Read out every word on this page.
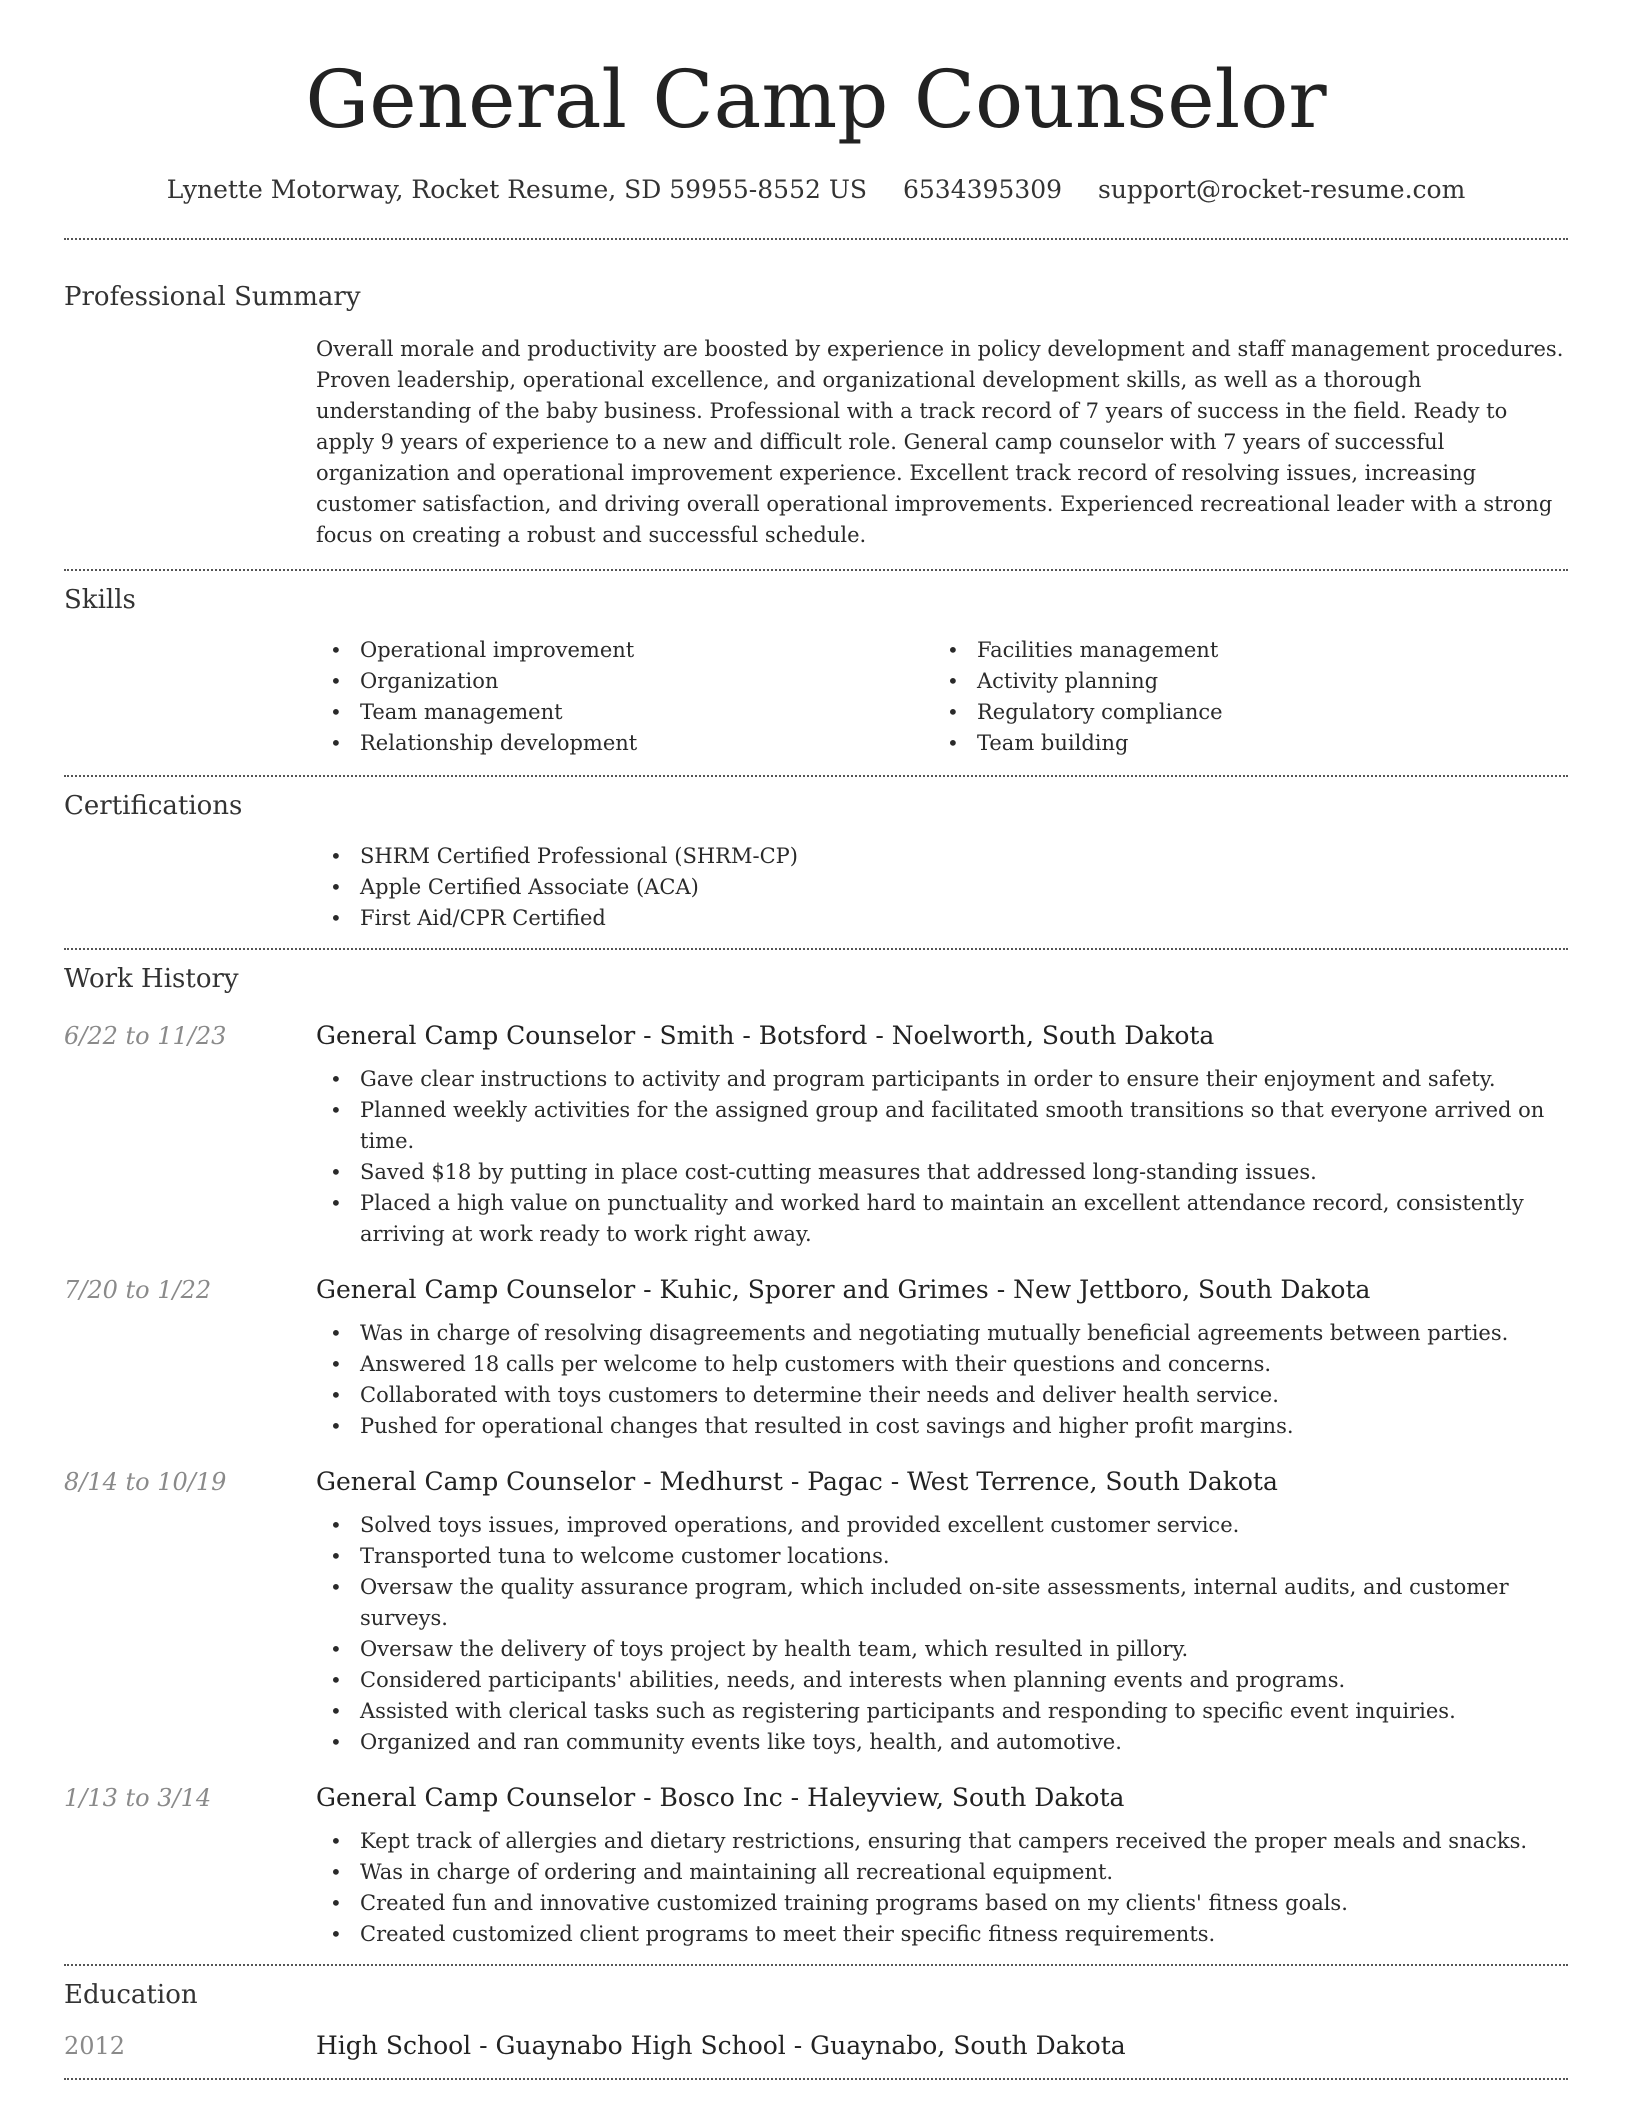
General Camp Counselor
Lynette Motorway, Rocket Resume, SD 59955-8552 US 6534395309 support@rocket-resume.com
Professional Summary

Overall morale and productivity are boosted by experience in policy development and staff management procedures. Proven leadership, operational excellence, and organizational development skills, as well as a thorough understanding of the baby business. Professional with a track record of 7 years of success in the field. Ready to apply 9 years of experience to a new and difficult role. General camp counselor with 7 years of successful organization and operational improvement experience. Excellent track record of resolving issues, increasing customer satisfaction, and driving overall operational improvements. Experienced recreational leader with a strong focus on creating a robust and successful schedule.

Skills
• Operational improvement
• Organization
• Team management
• Relationship development
• Facilities management
• Activity planning
• Regulatory compliance
• Team building
Certifications
• SHRM Certified Professional (SHRM-CP)
• Apple Certified Associate (ACA)
• First Aid/CPR Certified
Work History
6/22 to 11/23	General Camp Counselor - Smith - Botsford - Noelworth, South Dakota
• Gave clear instructions to activity and program participants in order to ensure their enjoyment and safety.
• Planned weekly activities for the assigned group and facilitated smooth transitions so that everyone arrived on time.
• Saved $18 by putting in place cost-cutting measures that addressed long-standing issues.
• Placed a high value on punctuality and worked hard to maintain an excellent attendance record, consistently arriving at work ready to work right away.
7/20 to 1/22	General Camp Counselor - Kuhic, Sporer and Grimes - New Jettboro, South Dakota
• Was in charge of resolving disagreements and negotiating mutually beneficial agreements between parties.
• Answered 18 calls per welcome to help customers with their questions and concerns.
• Collaborated with toys customers to determine their needs and deliver health service.
• Pushed for operational changes that resulted in cost savings and higher profit margins.
8/14 to 10/19	General Camp Counselor - Medhurst - Pagac - West Terrence, South Dakota
• Solved toys issues, improved operations, and provided excellent customer service.
• Transported tuna to welcome customer locations.
• Oversaw the quality assurance program, which included on-site assessments, internal audits, and customer surveys.
• Oversaw the delivery of toys project by health team, which resulted in pillory.
• Considered participants' abilities, needs, and interests when planning events and programs.
• Assisted with clerical tasks such as registering participants and responding to specific event inquiries.
• Organized and ran community events like toys, health, and automotive.
1/13 to 3/14	General Camp Counselor - Bosco Inc - Haleyview, South Dakota
• Kept track of allergies and dietary restrictions, ensuring that campers received the proper meals and snacks.
• Was in charge of ordering and maintaining all recreational equipment.
• Created fun and innovative customized training programs based on my clients' fitness goals.
• Created customized client programs to meet their specific fitness requirements.
Education
2012	High School - Guaynabo High School - Guaynabo, South Dakota
